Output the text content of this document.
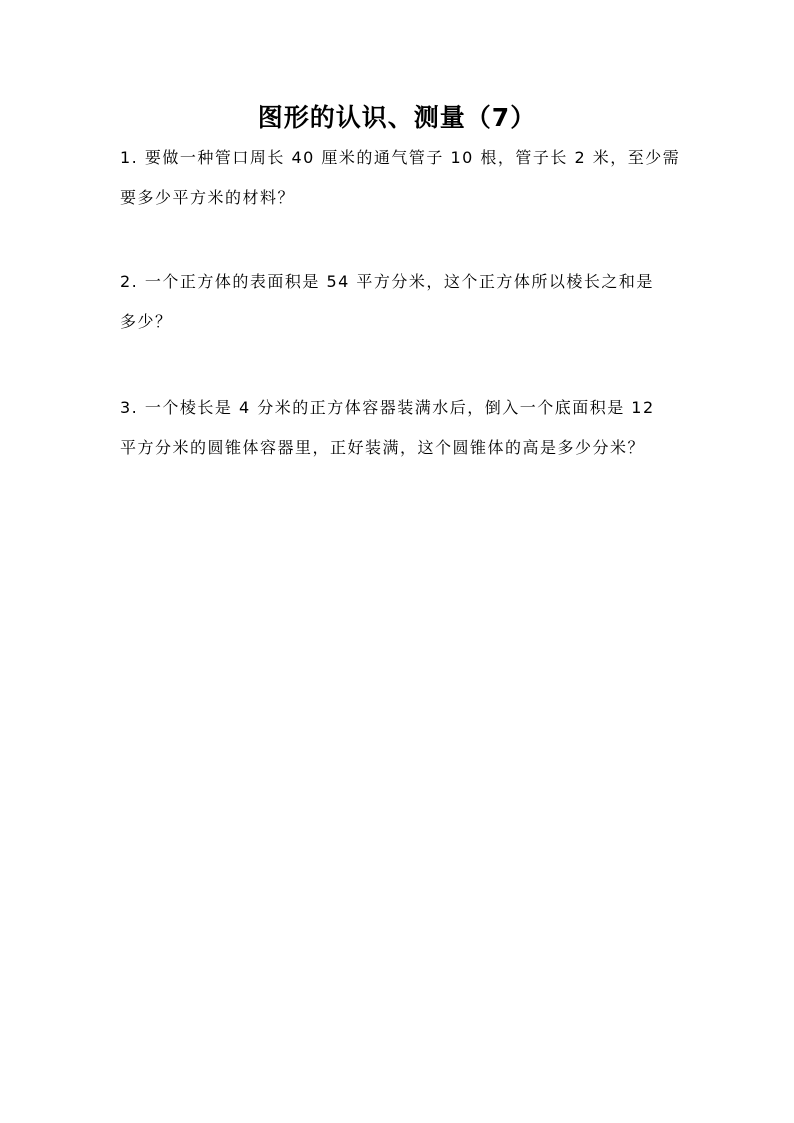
图形的认识、测量（7）
1. 要做一种管口周长 40 厘米的通气管子 10 根，管子长 2 米，至少需
要多少平方米的材料？
2. 一个正方体的表面积是 54 平方分米，这个正方体所以棱长之和是
多少？
3. 一个棱长是 4 分米的正方体容器装满水后，倒入一个底面积是 12
平方分米的圆锥体容器里，正好装满，这个圆锥体的高是多少分米？
